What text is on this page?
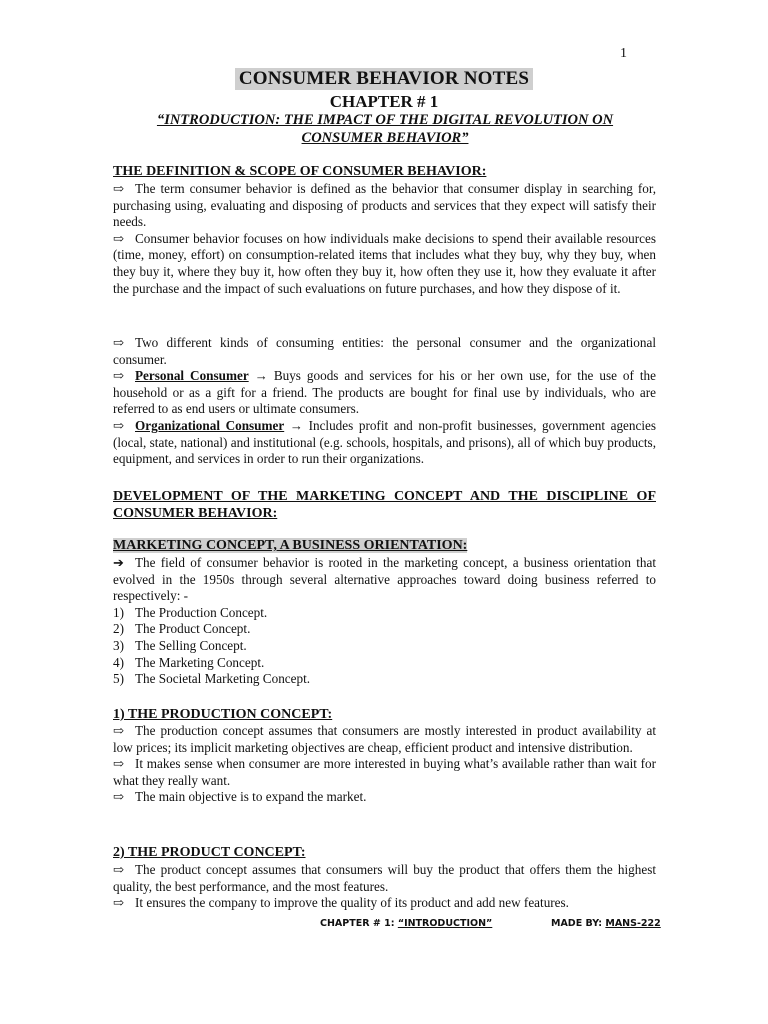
1
CONSUMER BEHAVIOR NOTES
CHAPTER # 1
“INTRODUCTION: THE IMPACT OF THE DIGITAL REVOLUTION ON CONSUMER BEHAVIOR”
THE DEFINITION & SCOPE OF CONSUMER BEHAVIOR:

⇨ The term consumer behavior is defined as the behavior that consumer display in searching for, purchasing using, evaluating and disposing of products and services that they expect will satisfy their needs.

⇨ Consumer behavior focuses on how individuals make decisions to spend their available resources (time, money, effort) on consumption-related items that includes what they buy, why they buy, when they buy it, where they buy it, how often they buy it, how often they use it, how they evaluate it after the purchase and the impact of such evaluations on future purchases, and how they dispose of it.

⇨ Two different kinds of consuming entities: the personal consumer and the organizational consumer.

⇨ Personal Consumer → Buys goods and services for his or her own use, for the use of the household or as a gift for a friend. The products are bought for final use by individuals, who are referred to as end users or ultimate consumers.

⇨ Organizational Consumer → Includes profit and non-profit businesses, government agencies (local, state, national) and institutional (e.g. schools, hospitals, and prisons), all of which buy products, equipment, and services in order to run their organizations.

DEVELOPMENT OF THE MARKETING CONCEPT AND THE DISCIPLINE OF CONSUMER BEHAVIOR:
MARKETING CONCEPT, A BUSINESS ORIENTATION:

➔ The field of consumer behavior is rooted in the marketing concept, a business orientation that evolved in the 1950s through several alternative approaches toward doing business referred to respectively: -

1) The Production Concept.
2) The Product Concept.
3) The Selling Concept.
4) The Marketing Concept.
5) The Societal Marketing Concept.
1) THE PRODUCTION CONCEPT:

⇨ The production concept assumes that consumers are mostly interested in product availability at low prices; its implicit marketing objectives are cheap, efficient product and intensive distribution.

⇨ It makes sense when consumer are more interested in buying what’s available rather than wait for what they really want.

⇨ The main objective is to expand the market.

2) THE PRODUCT CONCEPT:

⇨ The product concept assumes that consumers will buy the product that offers them the highest quality, the best performance, and the most features.

⇨ It ensures the company to improve the quality of its product and add new features.

CHAPTER # 1: “INTRODUCTION”	MADE BY: MANS-222
